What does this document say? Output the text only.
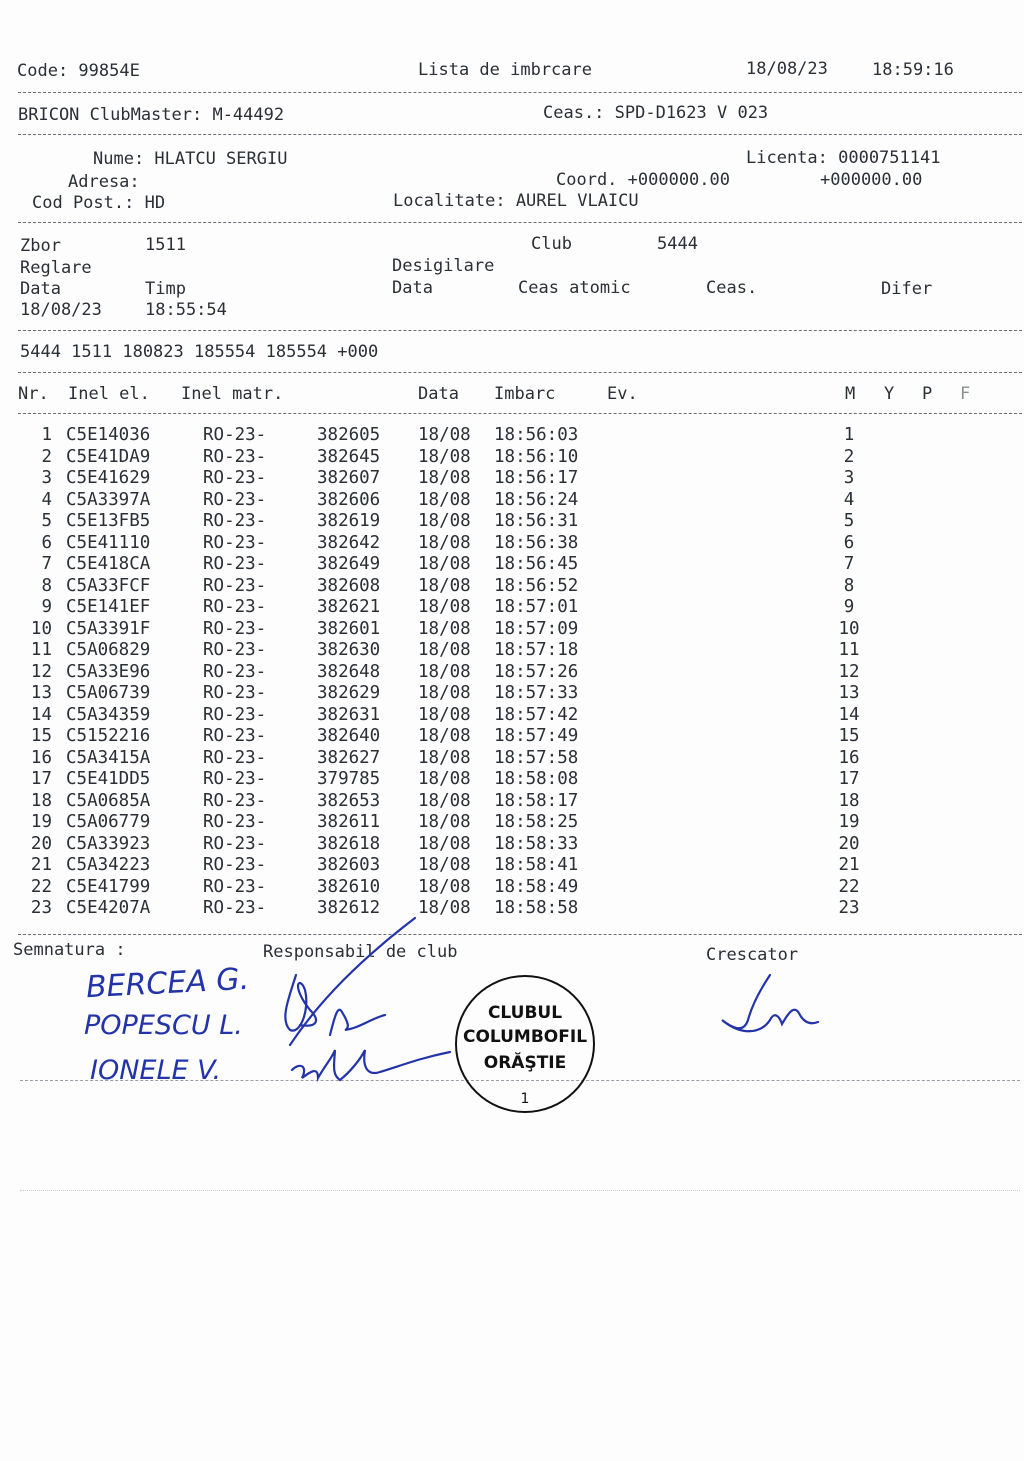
Code: 99854E	Lista de imbrcare	18/08/23	18:59:16
BRICON ClubMaster: M-44492	Ceas.: SPD-D1623 V 023
Nume: HLATCU SERGIU	Licenta: 0000751141
Adresa:	Coord. +000000.00	+000000.00
Cod Post.: HD	Localitate: AUREL VLAICU
Zbor	1511	Club	5444
Reglare	Desigilare
Data	Timp	Data	Ceas atomic	Ceas.	Difer
18/08/23	18:55:54
5444 1511 180823 185554 185554 +000
Nr. Inel el. Inel matr.	Data Imbarc	Ev.	M Y P F
1 C5E14036	RO-23-	382605 18/08 18:56:03	1
2 C5E41DA9	RO-23-	382645 18/08 18:56:10	2
3 C5E41629	RO-23-	382607 18/08 18:56:17	3
4 C5A3397A	RO-23-	382606 18/08 18:56:24	4
5 C5E13FB5	RO-23-	382619 18/08 18:56:31	5
6 C5E41110	RO-23-	382642 18/08 18:56:38	6
7 C5E418CA	RO-23-	382649 18/08 18:56:45	7
8 C5A33FCF	RO-23-	382608 18/08 18:56:52	8
9 C5E141EF	RO-23-	382621 18/08 18:57:01	9
10 C5A3391F	RO-23-	382601 18/08 18:57:09	10
11 C5A06829	RO-23-	382630 18/08 18:57:18	11
12 C5A33E96	RO-23-	382648 18/08 18:57:26	12
13 C5A06739	RO-23-	382629 18/08 18:57:33	13
14 C5A34359	RO-23-	382631 18/08 18:57:42	14
15 C5152216	RO-23-	382640 18/08 18:57:49	15
16 C5A3415A	RO-23-	382627 18/08 18:57:58	16
17 C5E41DD5	RO-23-	379785 18/08 18:58:08	17
18 C5A0685A	RO-23-	382653 18/08 18:58:17	18
19 C5A06779	RO-23-	382611 18/08 18:58:25	19
20 C5A33923	RO-23-	382618 18/08 18:58:33	20
21 C5A34223	RO-23-	382603 18/08 18:58:41	21
22 C5E41799	RO-23-	382610 18/08 18:58:49	22
23 C5E4207A	RO-23-	382612 18/08 18:58:58	23
Semnatura :	Responsabil de club	Crescator
BERCEA G.
POPESCU L.
IONELE V.
CLUBUL
COLUMBOFIL
ORĂŞTIE
1
